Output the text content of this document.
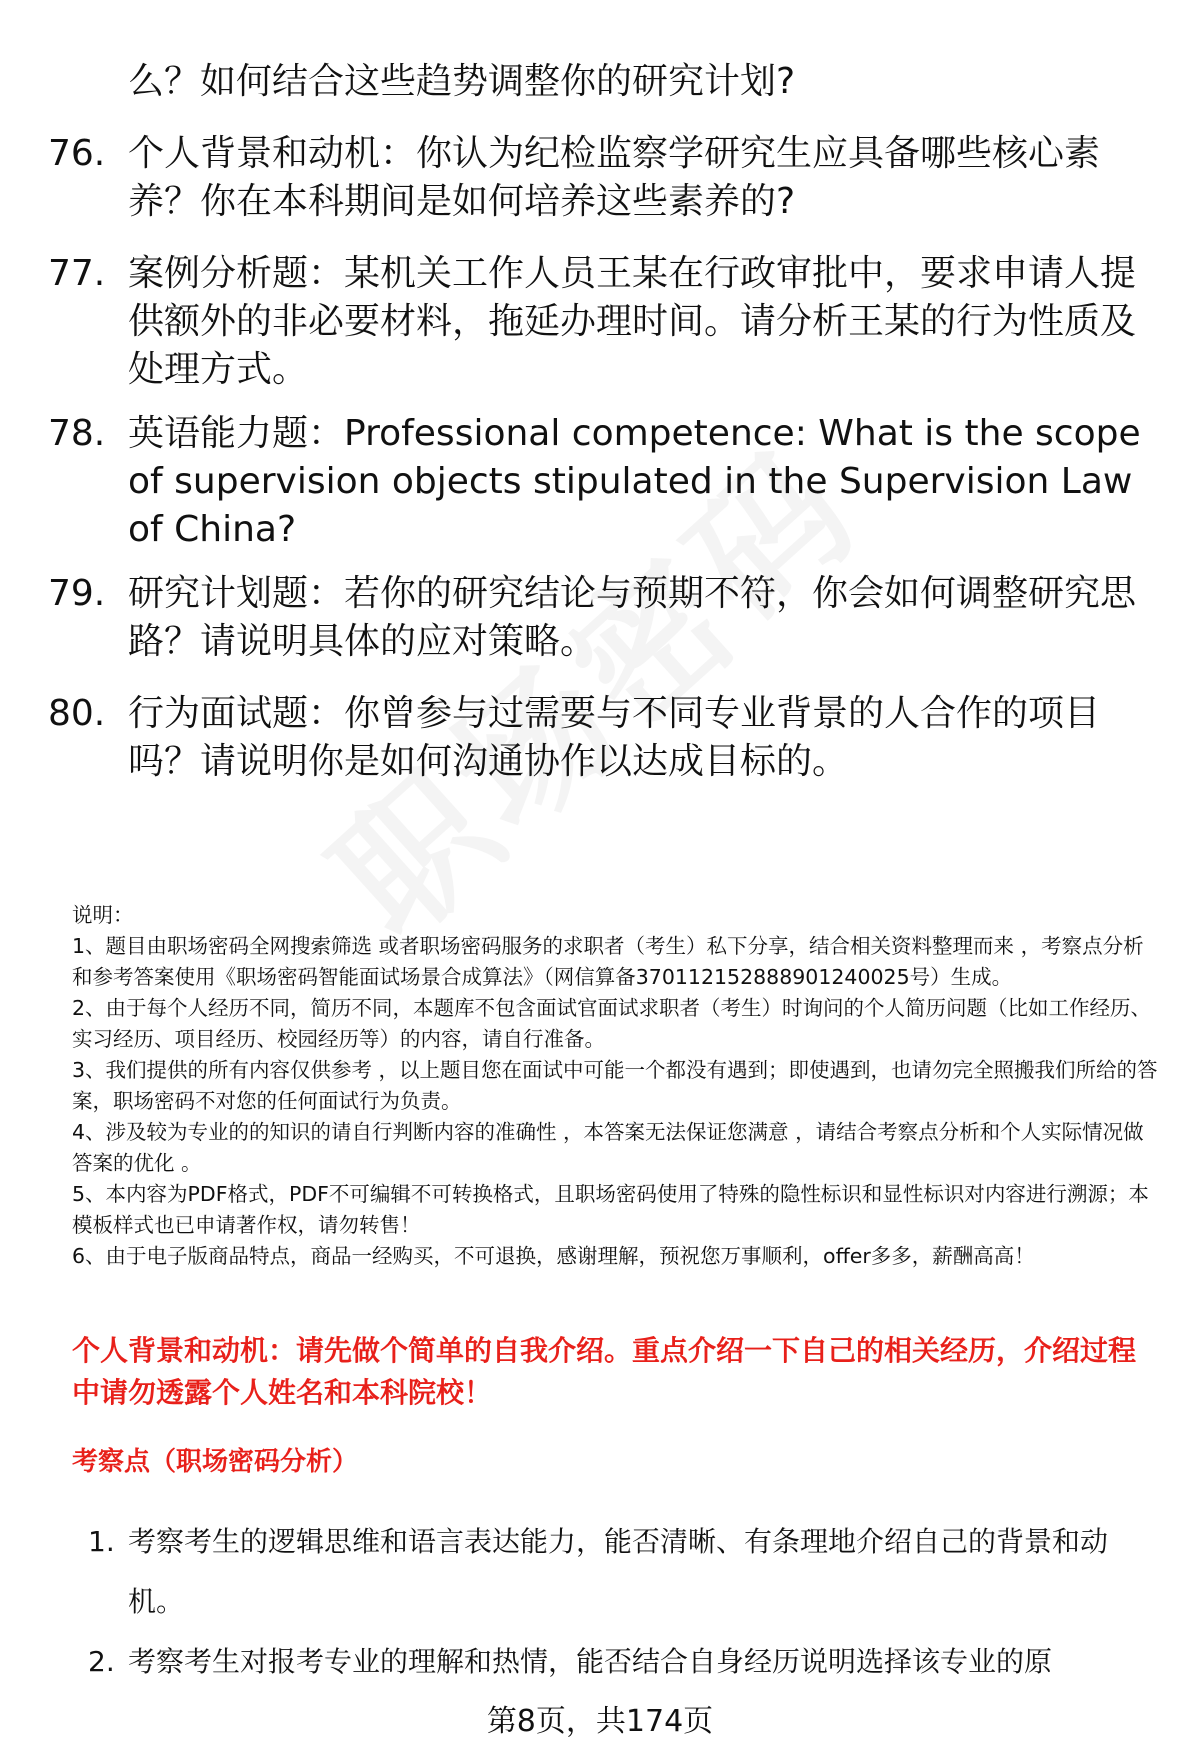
么？如何结合这些趋势调整你的研究计划?
76. 个人背景和动机：你认为纪检监察学研究生应具备哪些核心素养？你在本科期间是如何培养这些素养的?
77. 案例分析题：某机关工作人员王某在行政审批中，要求申请人提供额外的非必要材料，拖延办理时间。请分析王某的行为性质及处理方式。
78. 英语能力题：Professional competence: What is the scope of supervision objects stipulated in the Supervision Law of China?
79. 研究计划题：若你的研究结论与预期不符，你会如何调整研究思路？请说明具体的应对策略。
80. 行为面试题：你曾参与过需要与不同专业背景的人合作的项目吗？请说明你是如何沟通协作以达成目标的。

说明：

1、题目由职场密码全网搜索筛选 或者职场密码服务的求职者（考生）私下分享，结合相关资料整理而来 ，考察点分析和参考答案使用《职场密码智能面试场景合成算法》（网信算备370112152888901240025号）生成。

2、由于每个人经历不同，简历不同，本题库不包含面试官面试求职者（考生）时询问的个人简历问题（比如工作经历、实习经历、项目经历、校园经历等）的内容，请自行准备。

3、我们提供的所有内容仅供参考 ，以上题目您在面试中可能一个都没有遇到；即使遇到，也请勿完全照搬我们所给的答案，职场密码不对您的任何面试行为负责。

4、涉及较为专业的的知识的请自行判断内容的准确性 ，本答案无法保证您满意 ，请结合考察点分析和个人实际情况做答案的优化 。

5、本内容为PDF格式，PDF不可编辑不可转换格式，且职场密码使用了特殊的隐性标识和显性标识对内容进行溯源；本模板样式也已申请著作权，请勿转售！

6、由于电子版商品特点，商品一经购买，不可退换，感谢理解，预祝您万事顺利，offer多多，薪酬高高！

个人背景和动机：请先做个简单的自我介绍。重点介绍一下自己的相关经历，介绍过程中请勿透露个人姓名和本科院校！
考察点（职场密码分析）
1. 考察考生的逻辑思维和语言表达能力，能否清晰、有条理地介绍自己的背景和动机。
2. 考察考生对报考专业的理解和热情，能否结合自身经历说明选择该专业的原
第8页，共174页
